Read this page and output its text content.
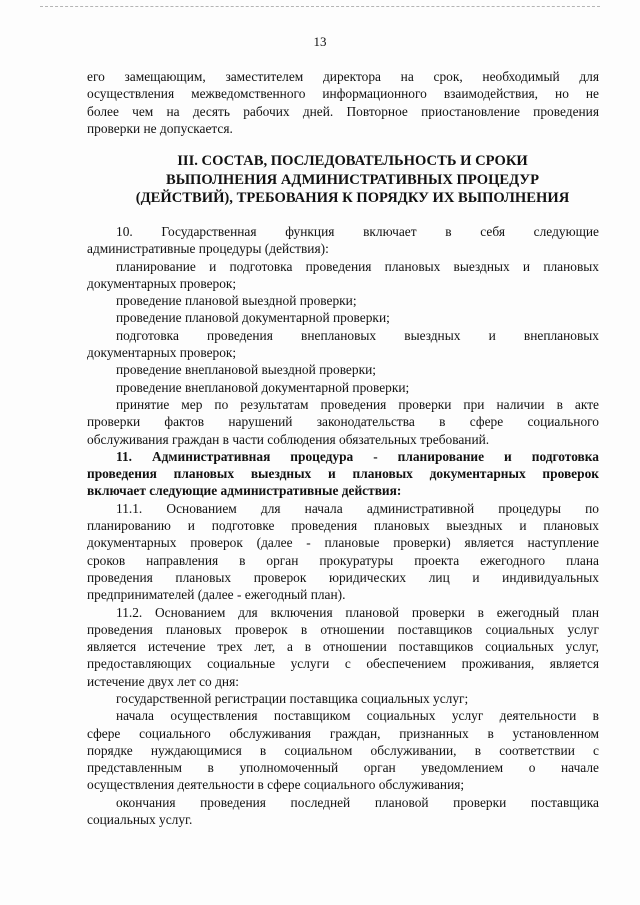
13
его замещающим, заместителем директора на срок, необходимый для
осуществления межведомственного информационного взаимодействия, но не
более чем на десять рабочих дней. Повторное приостановление проведения
проверки не допускается.
III. СОСТАВ, ПОСЛЕДОВАТЕЛЬНОСТЬ И СРОКИ
ВЫПОЛНЕНИЯ АДМИНИСТРАТИВНЫХ ПРОЦЕДУР
(ДЕЙСТВИЙ), ТРЕБОВАНИЯ К ПОРЯДКУ ИХ ВЫПОЛНЕНИЯ
10. Государственная функция включает в себя следующие
административные процедуры (действия):
планирование и подготовка проведения плановых выездных и плановых
документарных проверок;
проведение плановой выездной проверки;
проведение плановой документарной проверки;
подготовка проведения внеплановых выездных и внеплановых
документарных проверок;
проведение внеплановой выездной проверки;
проведение внеплановой документарной проверки;
принятие мер по результатам проведения проверки при наличии в акте
проверки фактов нарушений законодательства в сфере социального
обслуживания граждан в части соблюдения обязательных требований.
11. Административная процедура - планирование и подготовка
проведения плановых выездных и плановых документарных проверок
включает следующие административные действия:
11.1. Основанием для начала административной процедуры по
планированию и подготовке проведения плановых выездных и плановых
документарных проверок (далее - плановые проверки) является наступление
сроков направления в орган прокуратуры проекта ежегодного плана
проведения плановых проверок юридических лиц и индивидуальных
предпринимателей (далее - ежегодный план).
11.2. Основанием для включения плановой проверки в ежегодный план
проведения плановых проверок в отношении поставщиков социальных услуг
является истечение трех лет, а в отношении поставщиков социальных услуг,
предоставляющих социальные услуги с обеспечением проживания, является
истечение двух лет со дня:
государственной регистрации поставщика социальных услуг;
начала осуществления поставщиком социальных услуг деятельности в
сфере социального обслуживания граждан, признанных в установленном
порядке нуждающимися в социальном обслуживании, в соответствии с
представленным в уполномоченный орган уведомлением о начале
осуществления деятельности в сфере социального обслуживания;
окончания проведения последней плановой проверки поставщика
социальных услуг.
